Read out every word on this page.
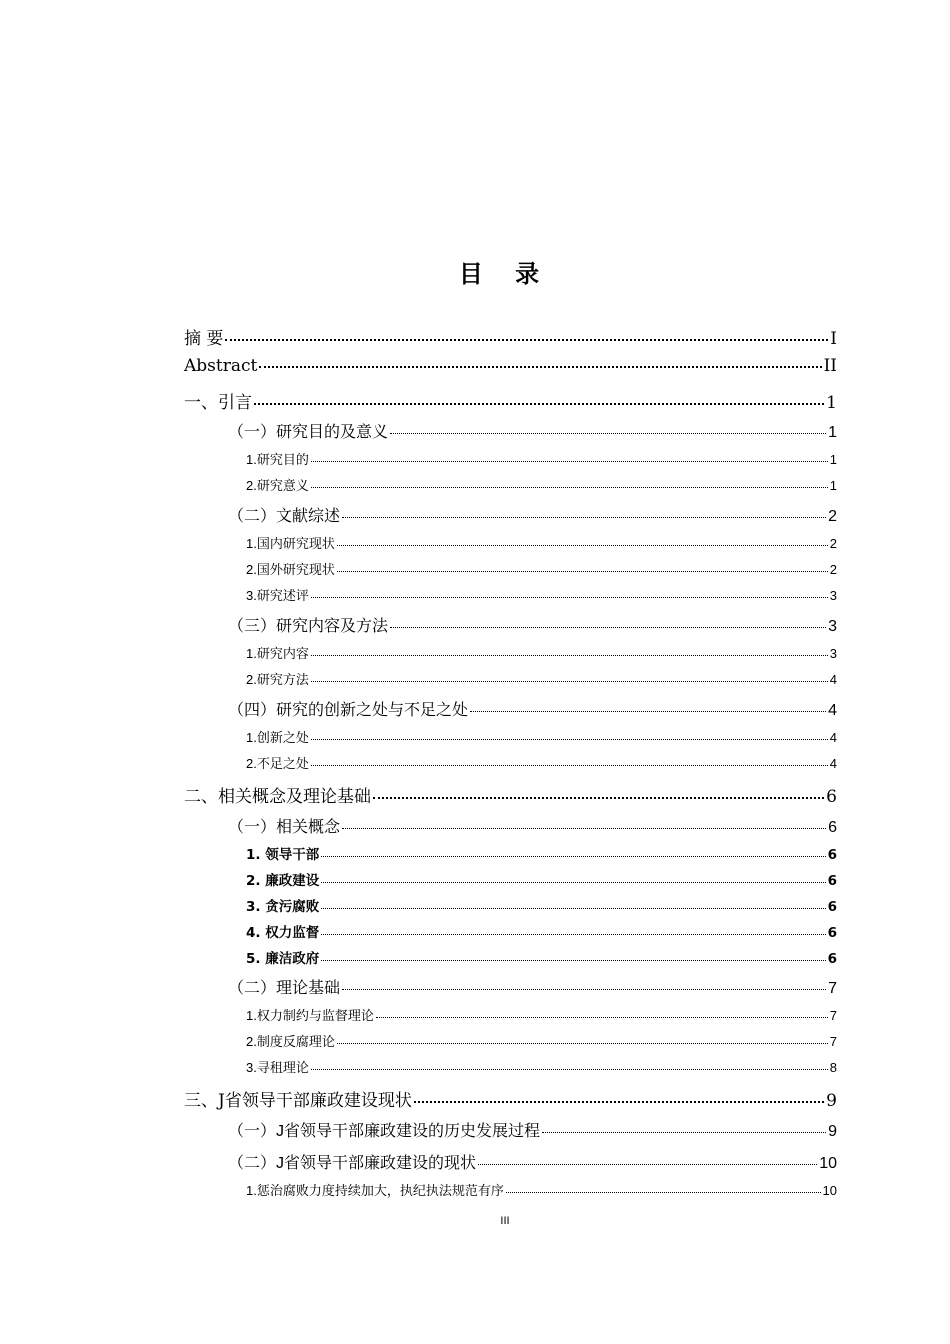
目 录
摘 要	I
Abstract	II
一、引言	1
（一）研究目的及意义	1
1.研究目的	1
2.研究意义	1
（二）文献综述	2
1.国内研究现状	2
2.国外研究现状	2
3.研究述评	3
（三）研究内容及方法	3
1.研究内容	3
2.研究方法	4
（四）研究的创新之处与不足之处	4
1.创新之处	4
2.不足之处	4
二、相关概念及理论基础	6
（一）相关概念	6
1. 领导干部	6
2. 廉政建设	6
3. 贪污腐败	6
4. 权力监督	6
5. 廉洁政府	6
（二）理论基础	7
1.权力制约与监督理论	7
2.制度反腐理论	7
3.寻租理论	8
三、J省领导干部廉政建设现状	9
（一）J省领导干部廉政建设的历史发展过程	9
（二）J省领导干部廉政建设的现状	10
1.惩治腐败力度持续加大，执纪执法规范有序	10
III
